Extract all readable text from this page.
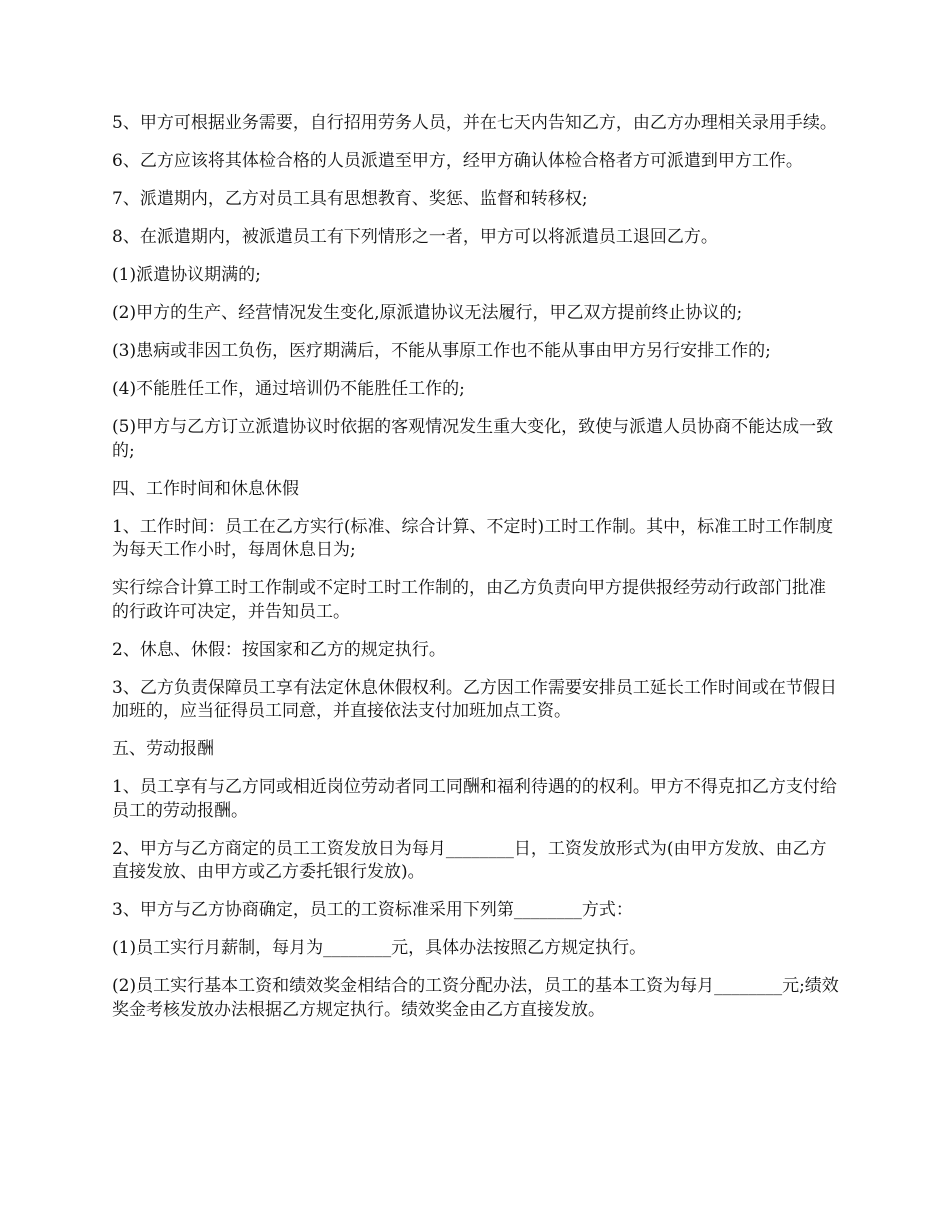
5、甲方可根据业务需要，自行招用劳务人员，并在七天内告知乙方，由乙方办理相关录用手续。

6、乙方应该将其体检合格的人员派遣至甲方，经甲方确认体检合格者方可派遣到甲方工作。

7、派遣期内，乙方对员工具有思想教育、奖惩、监督和转移权;

8、在派遣期内，被派遣员工有下列情形之一者，甲方可以将派遣员工退回乙方。

(1)派遣协议期满的;

(2)甲方的生产、经营情况发生变化,原派遣协议无法履行，甲乙双方提前终止协议的;

(3)患病或非因工负伤，医疗期满后，不能从事原工作也不能从事由甲方另行安排工作的;

(4)不能胜任工作，通过培训仍不能胜任工作的;

(5)甲方与乙方订立派遣协议时依据的客观情况发生重大变化，致使与派遣人员协商不能达成一致的;

四、工作时间和休息休假

1、工作时间：员工在乙方实行(标准、综合计算、不定时)工时工作制。其中，标准工时工作制度为每天工作小时，每周休息日为;

实行综合计算工时工作制或不定时工时工作制的，由乙方负责向甲方提供报经劳动行政部门批准的行政许可决定，并告知员工。

2、休息、休假：按国家和乙方的规定执行。

3、乙方负责保障员工享有法定休息休假权利。乙方因工作需要安排员工延长工作时间或在节假日加班的，应当征得员工同意，并直接依法支付加班加点工资。

五、劳动报酬

1、员工享有与乙方同或相近岗位劳动者同工同酬和福利待遇的的权利。甲方不得克扣乙方支付给员工的劳动报酬。

2、甲方与乙方商定的员工工资发放日为每月________日，工资发放形式为(由甲方发放、由乙方直接发放、由甲方或乙方委托银行发放)。

3、甲方与乙方协商确定，员工的工资标准采用下列第________方式：

(1)员工实行月薪制，每月为________元，具体办法按照乙方规定执行。

(2)员工实行基本工资和绩效奖金相结合的工资分配办法，员工的基本工资为每月________元;绩效奖金考核发放办法根据乙方规定执行。绩效奖金由乙方直接发放。
